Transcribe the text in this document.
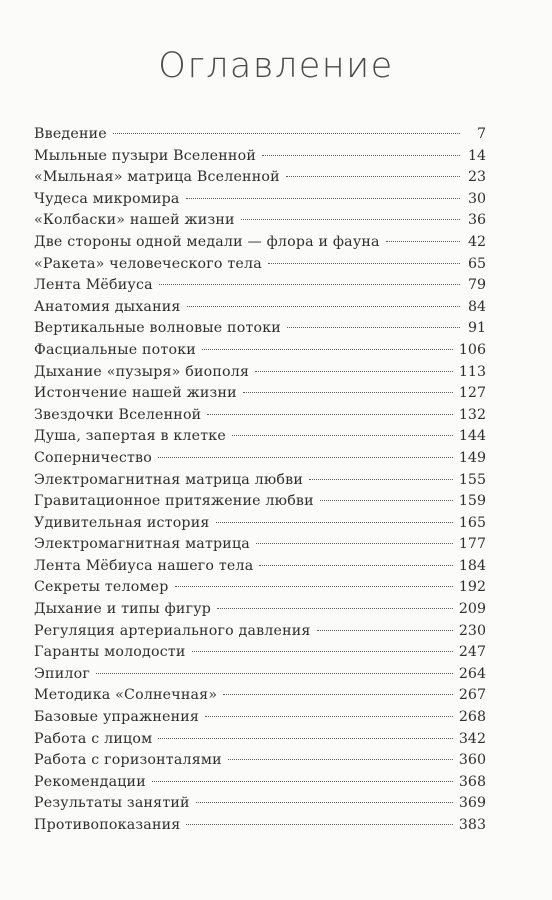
Оглавление
Введение	7
Мыльные пузыри Вселенной	14
«Мыльная» матрица Вселенной	23
Чудеса микромира	30
«Колбаски» нашей жизни	36
Две стороны одной медали — флора и фауна	42
«Ракета» человеческого тела	65
Лента Мёбиуса	79
Анатомия дыхания	84
Вертикальные волновые потоки	91
Фасциальные потоки	106
Дыхание «пузыря» биополя	113
Истончение нашей жизни	127
Звездочки Вселенной	132
Душа, запертая в клетке	144
Соперничество	149
Электромагнитная матрица любви	155
Гравитационное притяжение любви	159
Удивительная история	165
Электромагнитная матрица	177
Лента Мёбиуса нашего тела	184
Секреты теломер	192
Дыхание и типы фигур	209
Регуляция артериального давления	230
Гаранты молодости	247
Эпилог	264
Методика «Солнечная»	267
Базовые упражнения	268
Работа с лицом	342
Работа с горизонталями	360
Рекомендации	368
Результаты занятий	369
Противопоказания	383
